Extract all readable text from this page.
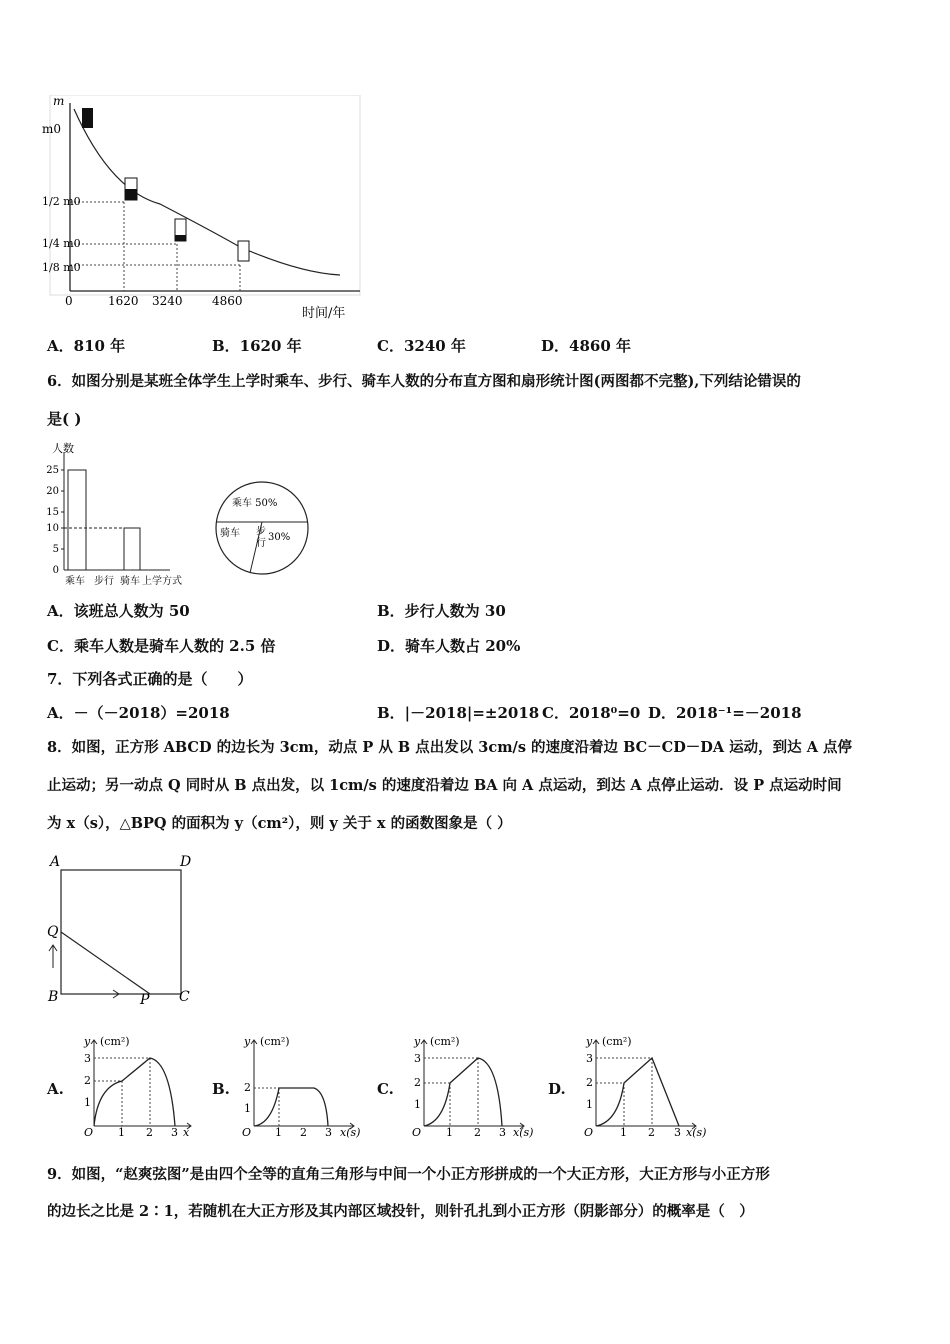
m
m0
1/2 m0
1/4 m0
1/8 m0
0	1620 3240 4860
时间/年
A．810 年	B．1620 年	C．3240 年	D．4860 年
6．如图分别是某班全体学生上学时乘车、步行、骑车人数的分布直方图和扇形统计图(两图都不完整),下列结论错误的
是( )
人数
25
20
15
10
5
0
乘车 步行 骑车 上学方式
乘车 50%
骑车 步
行
30%
A．该班总人数为 50	B．步行人数为 30
C．乘车人数是骑车人数的 2.5 倍	D．骑车人数占 20%
7．下列各式正确的是（　　）
A．－（－2018）=2018	B．|－2018|=±2018 C．2018⁰=0 D．2018⁻¹=－2018
8．如图，正方形 ABCD 的边长为 3cm，动点 P 从 B 点出发以 3cm/s 的速度沿着边 BC－CD－DA 运动，到达 A 点停
止运动；另一动点 Q 同时从 B 点出发，以 1cm/s 的速度沿着边 BA 向 A 点运动，到达 A 点停止运动．设 P 点运动时间
为 x（s），△BPQ 的面积为 y（cm²），则 y 关于 x 的函数图象是（ ）
A	D
Q
B	P C
A.	B.	C.	D.
y (cm²)
3
2
1
O 1 2 3 x
y (cm²)
2
1
O 1 2 3 x(s)
y (cm²)
3
2
1
O 1 2 3 x(s)
y (cm²)
3
2
1
O 1 2 3 x(s)
9．如图，“赵爽弦图”是由四个全等的直角三角形与中间一个小正方形拼成的一个大正方形，大正方形与小正方形
的边长之比是 2∶1，若随机在大正方形及其内部区域投针，则针孔扎到小正方形（阴影部分）的概率是（　）
